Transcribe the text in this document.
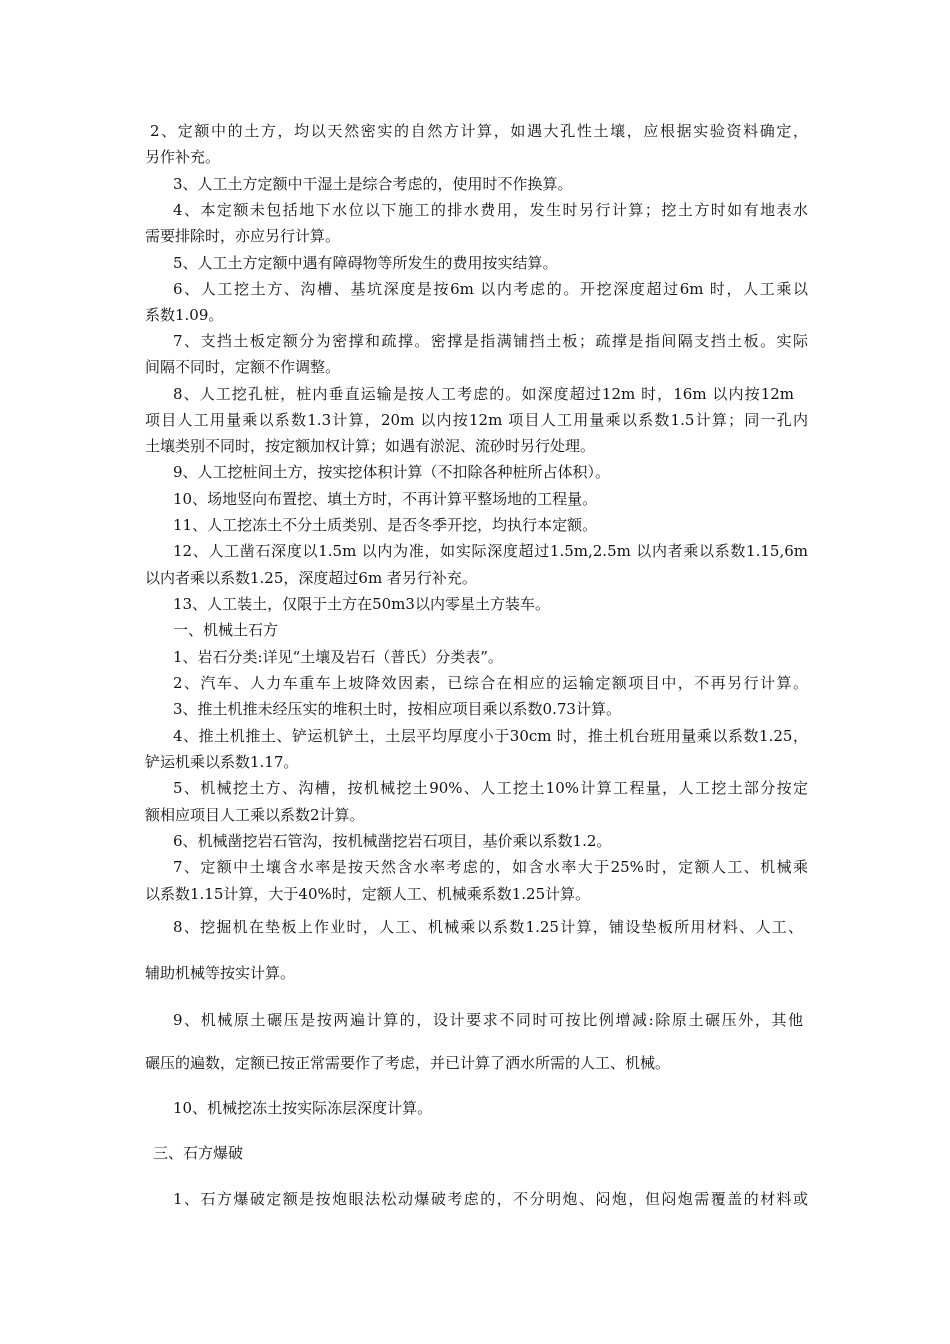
2、定额中的土方，均以天然密实的自然方计算，如遇大孔性土壤，应根据实验资料确定，
另作补充。
3、人工土方定额中干湿土是综合考虑的，使用时不作换算。
4、本定额未包括地下水位以下施工的排水费用，发生时另行计算；挖土方时如有地表水
需要排除时，亦应另行计算。
5、人工土方定额中遇有障碍物等所发生的费用按实结算。
6、人工挖土方、沟槽、基坑深度是按6m 以内考虑的。开挖深度超过6m 时，人工乘以
系数1.09。
7、支挡土板定额分为密撑和疏撑。密撑是指满铺挡土板；疏撑是指间隔支挡土板。实际
间隔不同时，定额不作调整。
8、人工挖孔桩，桩内垂直运输是按人工考虑的。如深度超过12m 时，16m 以内按12m
项目人工用量乘以系数1.3计算，20m 以内按12m 项目人工用量乘以系数1.5计算；同一孔内
土壤类别不同时，按定额加权计算；如遇有淤泥、流砂时另行处理。
9、人工挖桩间土方，按实挖体积计算（不扣除各种桩所占体积）。
10、场地竖向布置挖、填土方时，不再计算平整场地的工程量。
11、人工挖冻土不分土质类别、是否冬季开挖，均执行本定额。
12、人工凿石深度以1.5m 以内为准，如实际深度超过1.5m,2.5m 以内者乘以系数1.15,6m
以内者乘以系数1.25，深度超过6m 者另行补充。
13、人工装土，仅限于土方在50m3以内零星土方装车。
一、机械土石方
1、岩石分类:详见“土壤及岩石（普氏）分类表”。
2、汽车、人力车重车上坡降效因素，已综合在相应的运输定额项目中，不再另行计算。
3、推土机推未经压实的堆积土时，按相应项目乘以系数0.73计算。
4、推土机推土、铲运机铲土，土层平均厚度小于30cm 时，推土机台班用量乘以系数1.25，
铲运机乘以系数1.17。
5、机械挖土方、沟槽，按机械挖土90%、人工挖土10%计算工程量，人工挖土部分按定
额相应项目人工乘以系数2计算。
6、机械凿挖岩石管沟，按机械凿挖岩石项目，基价乘以系数1.2。
7、定额中土壤含水率是按天然含水率考虑的，如含水率大于25%时，定额人工、机械乘
以系数1.15计算，大于40%时，定额人工、机械乘系数1.25计算。
8、挖掘机在垫板上作业时，人工、机械乘以系数1.25计算，铺设垫板所用材料、人工、
辅助机械等按实计算。
9、机械原土碾压是按两遍计算的，设计要求不同时可按比例增减:除原土碾压外，其他
碾压的遍数，定额已按正常需要作了考虑，并已计算了洒水所需的人工、机械。
10、机械挖冻土按实际冻层深度计算。
三、石方爆破
1、石方爆破定额是按炮眼法松动爆破考虑的，不分明炮、闷炮，但闷炮需覆盖的材料或
